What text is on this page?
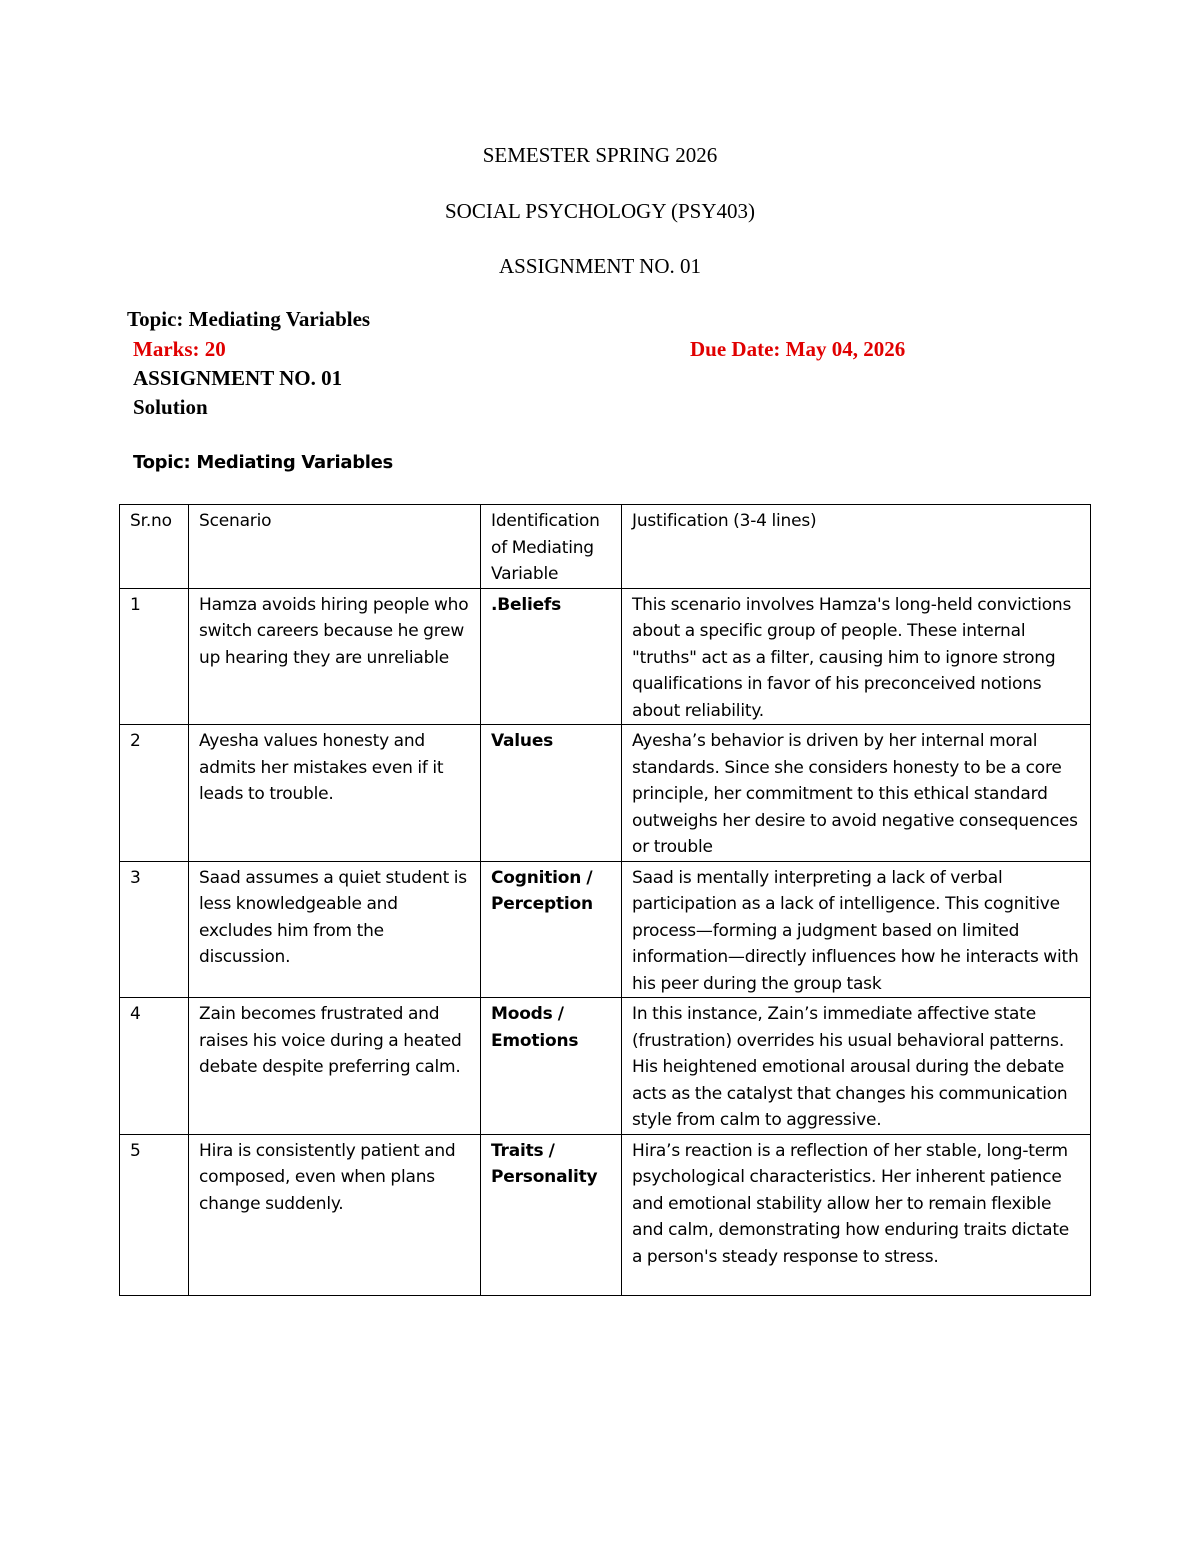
SEMESTER SPRING 2026
SOCIAL PSYCHOLOGY (PSY403)
ASSIGNMENT NO. 01
Topic: Mediating Variables
Marks: 20	Due Date: May 04, 2026
ASSIGNMENT NO. 01
Solution
Topic: Mediating Variables
Sr.no	Scenario	Identification of Mediating Variable	Justification (3-4 lines)
1	Hamza avoids hiring people who switch careers because he grew up hearing they are unreliable	.Beliefs	This scenario involves Hamza's long-held convictions about a specific group of people. These internal "truths" act as a filter, causing him to ignore strong qualifications in favor of his preconceived notions about reliability.
2	Ayesha values honesty and admits her mistakes even if it leads to trouble.	Values	Ayesha’s behavior is driven by her internal moral standards. Since she considers honesty to be a core principle, her commitment to this ethical standard outweighs her desire to avoid negative consequences or trouble
3	Saad assumes a quiet student is less knowledgeable and excludes him from the discussion.	Cognition / Perception	Saad is mentally interpreting a lack of verbal participation as a lack of intelligence. This cognitive process—forming a judgment based on limited information—directly influences how he interacts with his peer during the group task
4	Zain becomes frustrated and raises his voice during a heated debate despite preferring calm.	Moods / Emotions	In this instance, Zain’s immediate affective state (frustration) overrides his usual behavioral patterns. His heightened emotional arousal during the debate acts as the catalyst that changes his communication style from calm to aggressive.
5	Hira is consistently patient and composed, even when plans change suddenly.	Traits / Personality	Hira’s reaction is a reflection of her stable, long-term psychological characteristics. Her inherent patience and emotional stability allow her to remain flexible and calm, demonstrating how enduring traits dictate a person's steady response to stress.
